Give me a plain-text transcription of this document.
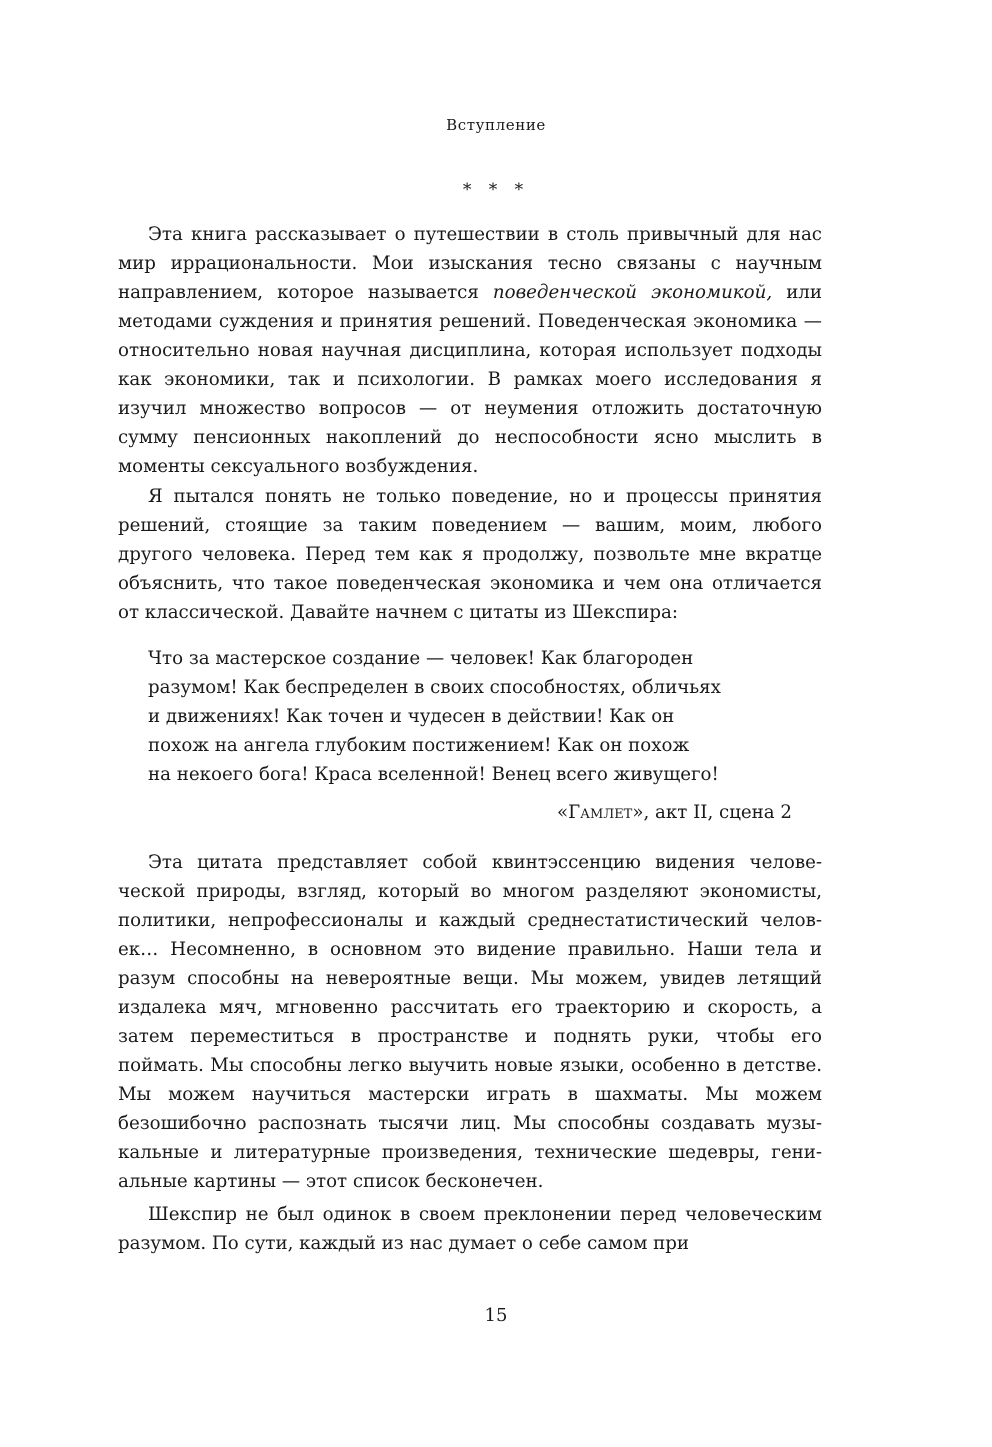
Вступление
* * *

Эта книга рассказывает о путешествии в столь привычный для нас мир иррациональности. Мои изыскания тесно связаны с научным направлением, которое называется поведенческой экономикой, или методами суждения и принятия решений. Поведенческая экономика — относительно новая научная дисциплина, которая использует подходы как экономики, так и психологии. В рамках моего исследования я изучил множество вопросов — от неумения отложить достаточную сумму пенсионных накоплений до неспособности ясно мыслить в моменты сексуального возбуждения.

Я пытался понять не только поведение, но и процессы принятия решений, стоящие за таким поведением — вашим, моим, любого другого человека. Перед тем как я продолжу, позвольте мне вкратце объяснить, что такое поведенческая экономика и чем она отличается от классической. Давайте начнем с цитаты из Шекспира:

Что за мастерское создание — человек! Как благороден
разумом! Как беспределен в своих способностях, обличьях
и движениях! Как точен и чудесен в действии! Как он
похож на ангела глубоким постижением! Как он похож
на некоего бога! Краса вселенной! Венец всего живущего!
«Гамлет», акт II, сцена 2

Эта цитата представляет собой квинтэссенцию видения человеческой природы, взгляд, который во многом разделяют экономисты, политики, непрофессионалы и каждый среднестатистический человек… Несомненно, в основном это видение правильно. Наши тела и разум способны на невероятные вещи. Мы можем, увидев летящий издалека мяч, мгновенно рассчитать его траекторию и скорость, а затем переместиться в пространстве и поднять руки, чтобы его поймать. Мы способны легко выучить новые языки, особенно в детстве. Мы можем научиться мастерски играть в шахматы. Мы можем безошибочно распознать тысячи лиц. Мы способны создавать музыкальные и литературные произведения, технические шедевры, гениальные картины — этот список бесконечен.

Шекспир не был одинок в своем преклонении перед человеческим разумом. По сути, каждый из нас думает о себе самом при

15
